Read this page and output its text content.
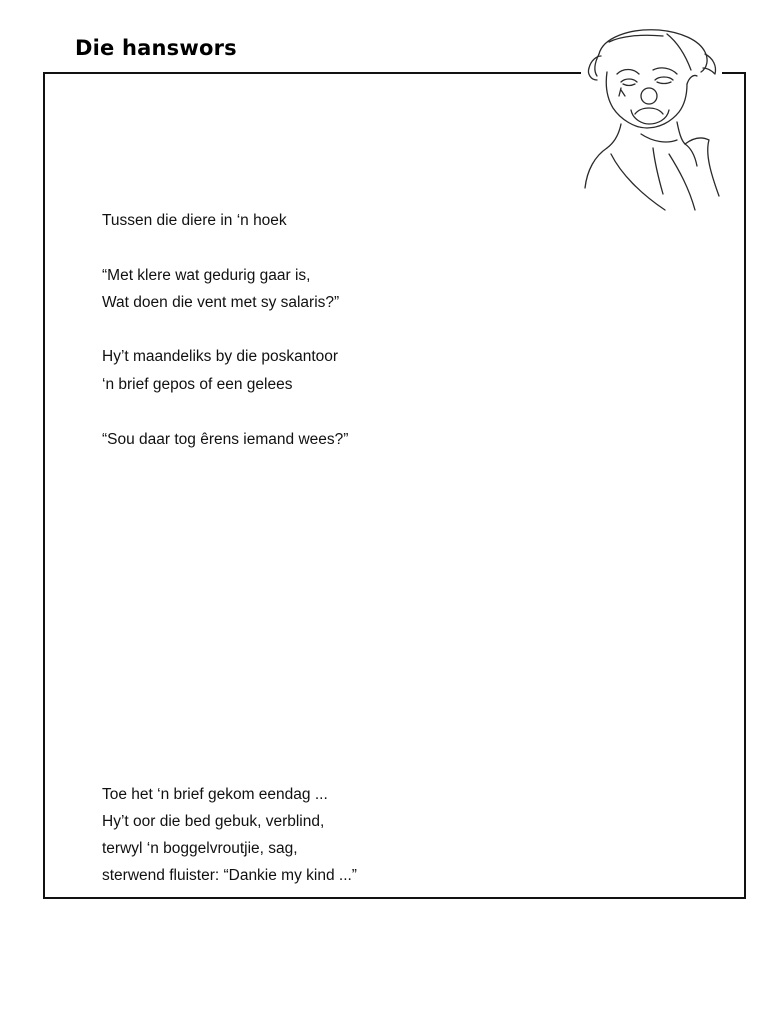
Die hanswors

Tussen die diere in ‘n hoek

“Met klere wat gedurig gaar is,

Wat doen die vent met sy salaris?”

Hy’t maandeliks by die poskantoor

‘n brief gepos of een gelees

“Sou daar tog êrens iemand wees?”

Toe het ‘n brief gekom eendag ...

Hy’t oor die bed gebuk, verblind,

terwyl ‘n boggelvroutjie, sag,

sterwend fluister: “Dankie my kind ...”
